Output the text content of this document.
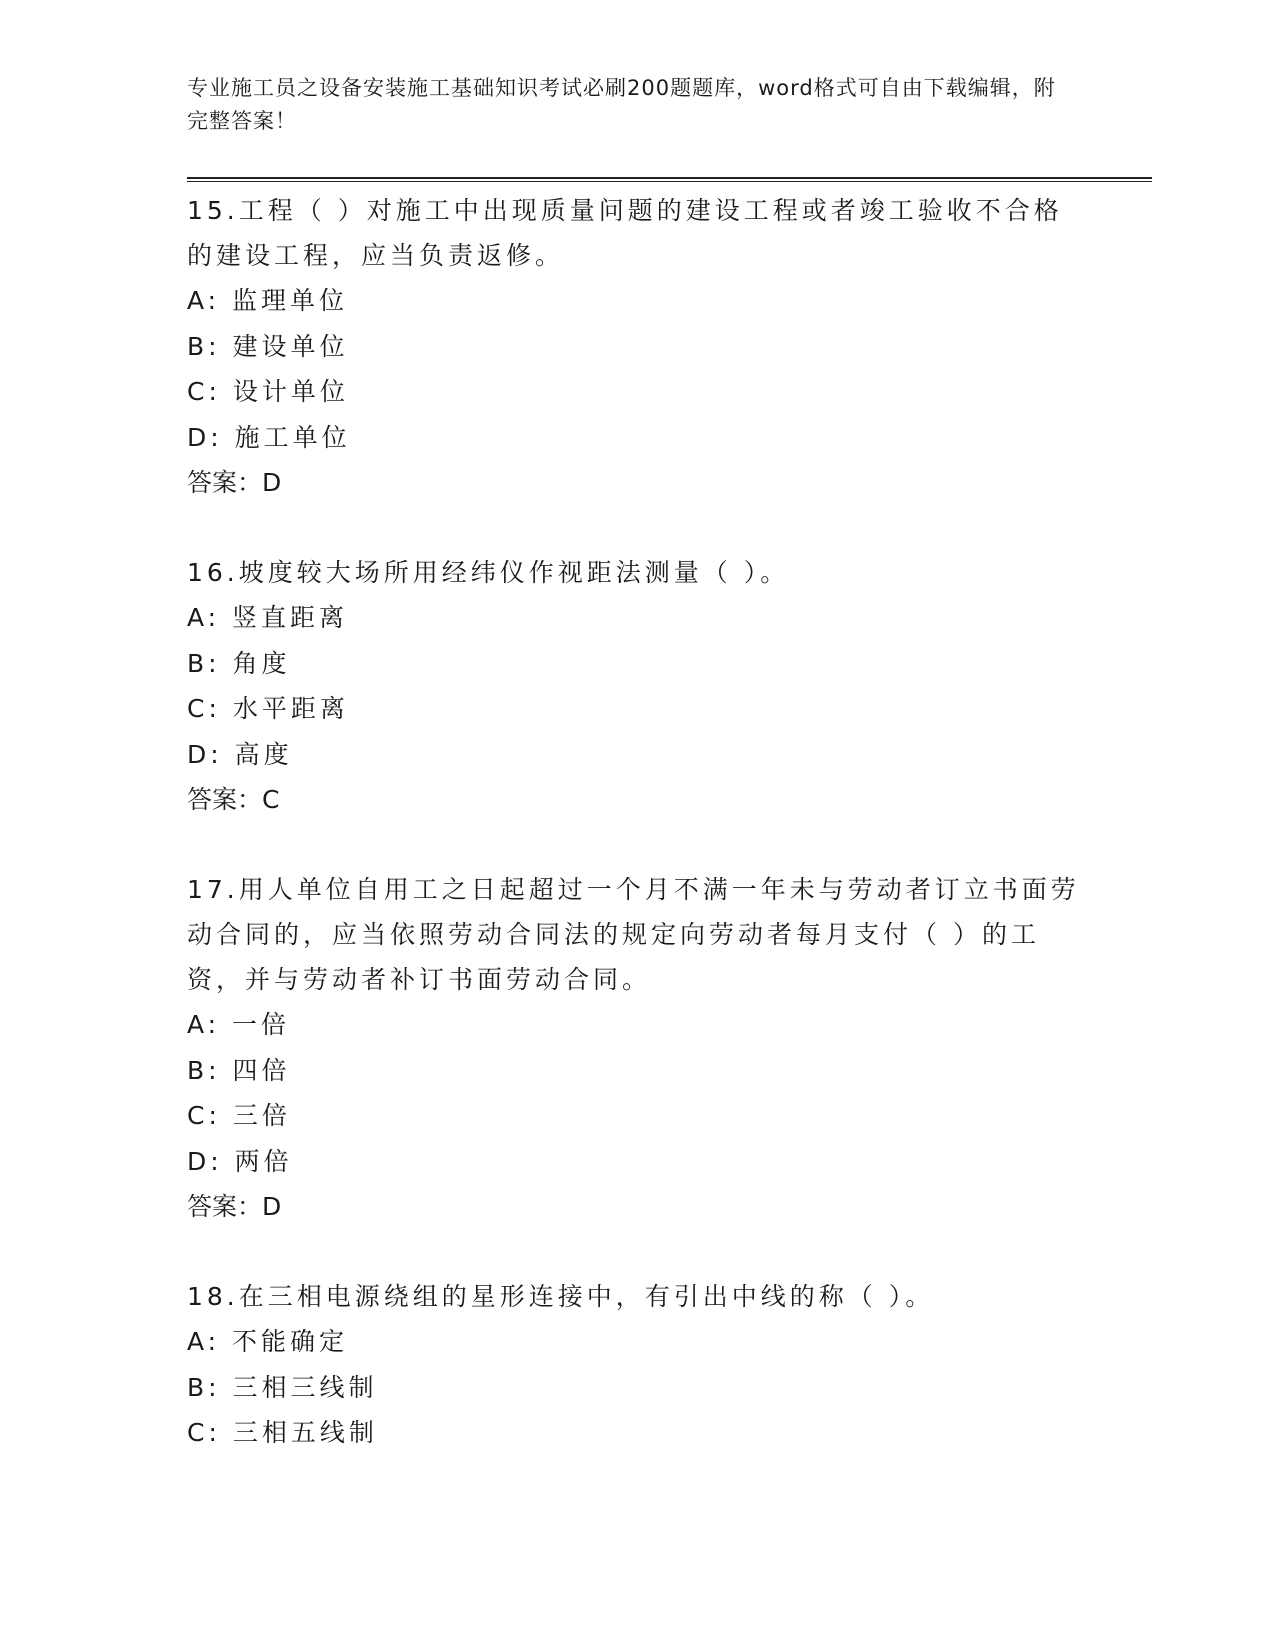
专业施工员之设备安装施工基础知识考试必刷200题题库，word格式可自由下载编辑，附完整答案！

15.工程（ ）对施工中出现质量问题的建设工程或者竣工验收不合格的建设工程，应当负责返修。

A: 监理单位

B: 建设单位

C: 设计单位

D: 施工单位

答案：D

16.坡度较大场所用经纬仪作视距法测量（ ）。

A: 竖直距离

B: 角度

C: 水平距离

D: 高度

答案：C

17.用人单位自用工之日起超过一个月不满一年未与劳动者订立书面劳动合同的，应当依照劳动合同法的规定向劳动者每月支付（ ）的工资，并与劳动者补订书面劳动合同。

A: 一倍

B: 四倍

C: 三倍

D: 两倍

答案：D

18.在三相电源绕组的星形连接中，有引出中线的称（ ）。

A: 不能确定

B: 三相三线制

C: 三相五线制
